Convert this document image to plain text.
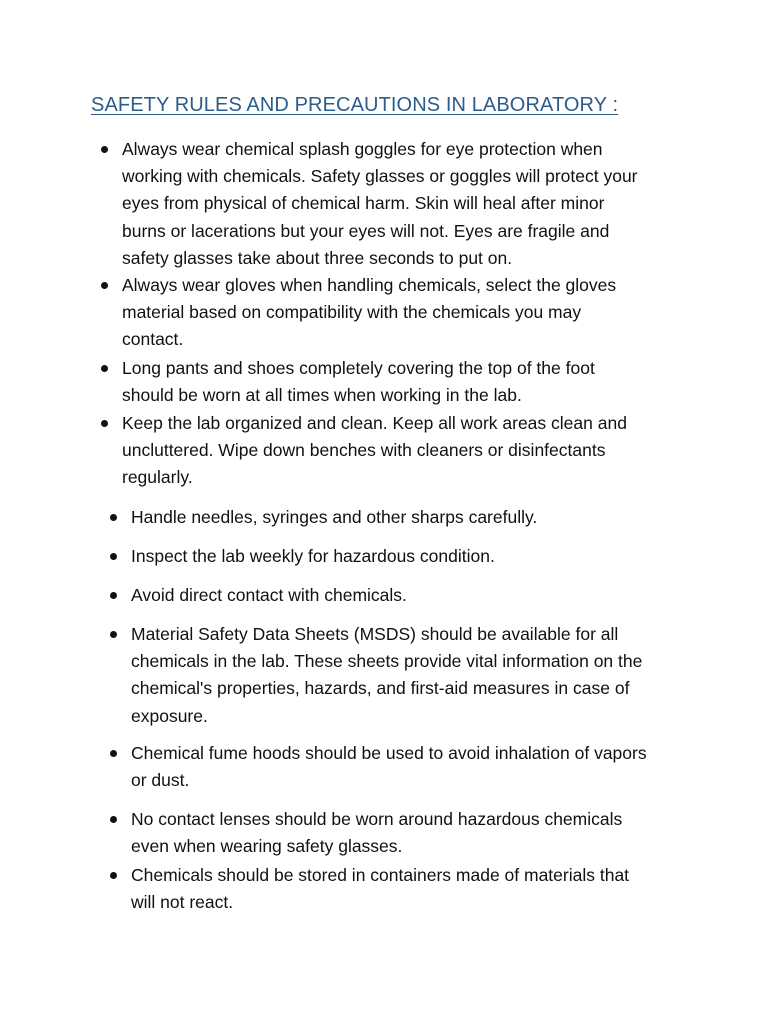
SAFETY RULES AND PRECAUTIONS IN LABORATORY :
Always wear chemical splash goggles for eye protection when
working with chemicals. Safety glasses or goggles will protect your
eyes from physical of chemical harm. Skin will heal after minor
burns or lacerations but your eyes will not. Eyes are fragile and
safety glasses take about three seconds to put on.
Always wear gloves when handling chemicals, select the gloves
material based on compatibility with the chemicals you may
contact.
Long pants and shoes completely covering the top of the foot
should be worn at all times when working in the lab.
Keep the lab organized and clean. Keep all work areas clean and
uncluttered. Wipe down benches with cleaners or disinfectants
regularly.
Handle needles, syringes and other sharps carefully.
Inspect the lab weekly for hazardous condition.
Avoid direct contact with chemicals.
Material Safety Data Sheets (MSDS) should be available for all
chemicals in the lab. These sheets provide vital information on the
chemical's properties, hazards, and first-aid measures in case of
exposure.
Chemical fume hoods should be used to avoid inhalation of vapors
or dust.
No contact lenses should be worn around hazardous chemicals
even when wearing safety glasses.
Chemicals should be stored in containers made of materials that
will not react.
